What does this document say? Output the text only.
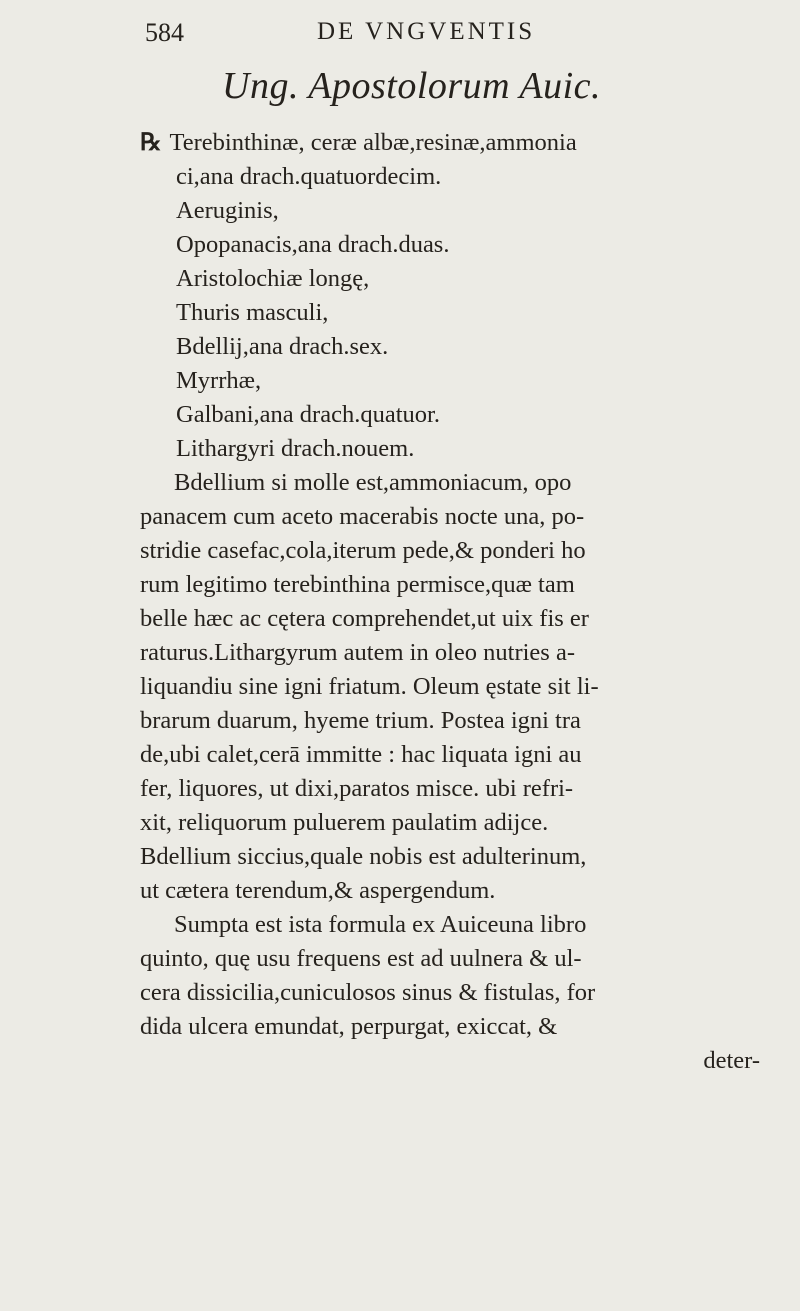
584	DE VNGVENTIS
Ung. Apostolorum Auic.
℞ Terebinthinæ, ceræ albæ,resinæ,ammonia
ci,ana drach.quatuordecim.
Aeruginis,
Opopanacis,ana drach.duas.
Aristolochiæ longę,
Thuris masculi,
Bdellij,ana drach.sex.
Myrrhæ,
Galbani,ana drach.quatuor.
Lithargyri drach.nouem.
Bdellium si molle est,ammoniacum, opo
panacem cum aceto macerabis nocte una, po-
stridie casefac,cola,iterum pede,& ponderi ho
rum legitimo terebinthina permisce,quæ tam
belle hæc ac cętera comprehendet,ut uix fis er
raturus.Lithargyrum autem in oleo nutries a-
liquandiu sine igni friatum. Oleum ęstate sit li-
brarum duarum, hyeme trium. Postea igni tra
de,ubi calet,cerā immitte : hac liquata igni au
fer, liquores, ut dixi,paratos misce. ubi refri-
xit, reliquorum puluerem paulatim adijce.
Bdellium siccius,quale nobis est adulterinum,
ut cætera terendum,& aspergendum.
Sumpta est ista formula ex Auiceuna libro
quinto, quę usu frequens est ad uulnera & ul-
cera dissicilia,cuniculosos sinus & fistulas, for
dida ulcera emundat, perpurgat, exiccat, &
deter-
